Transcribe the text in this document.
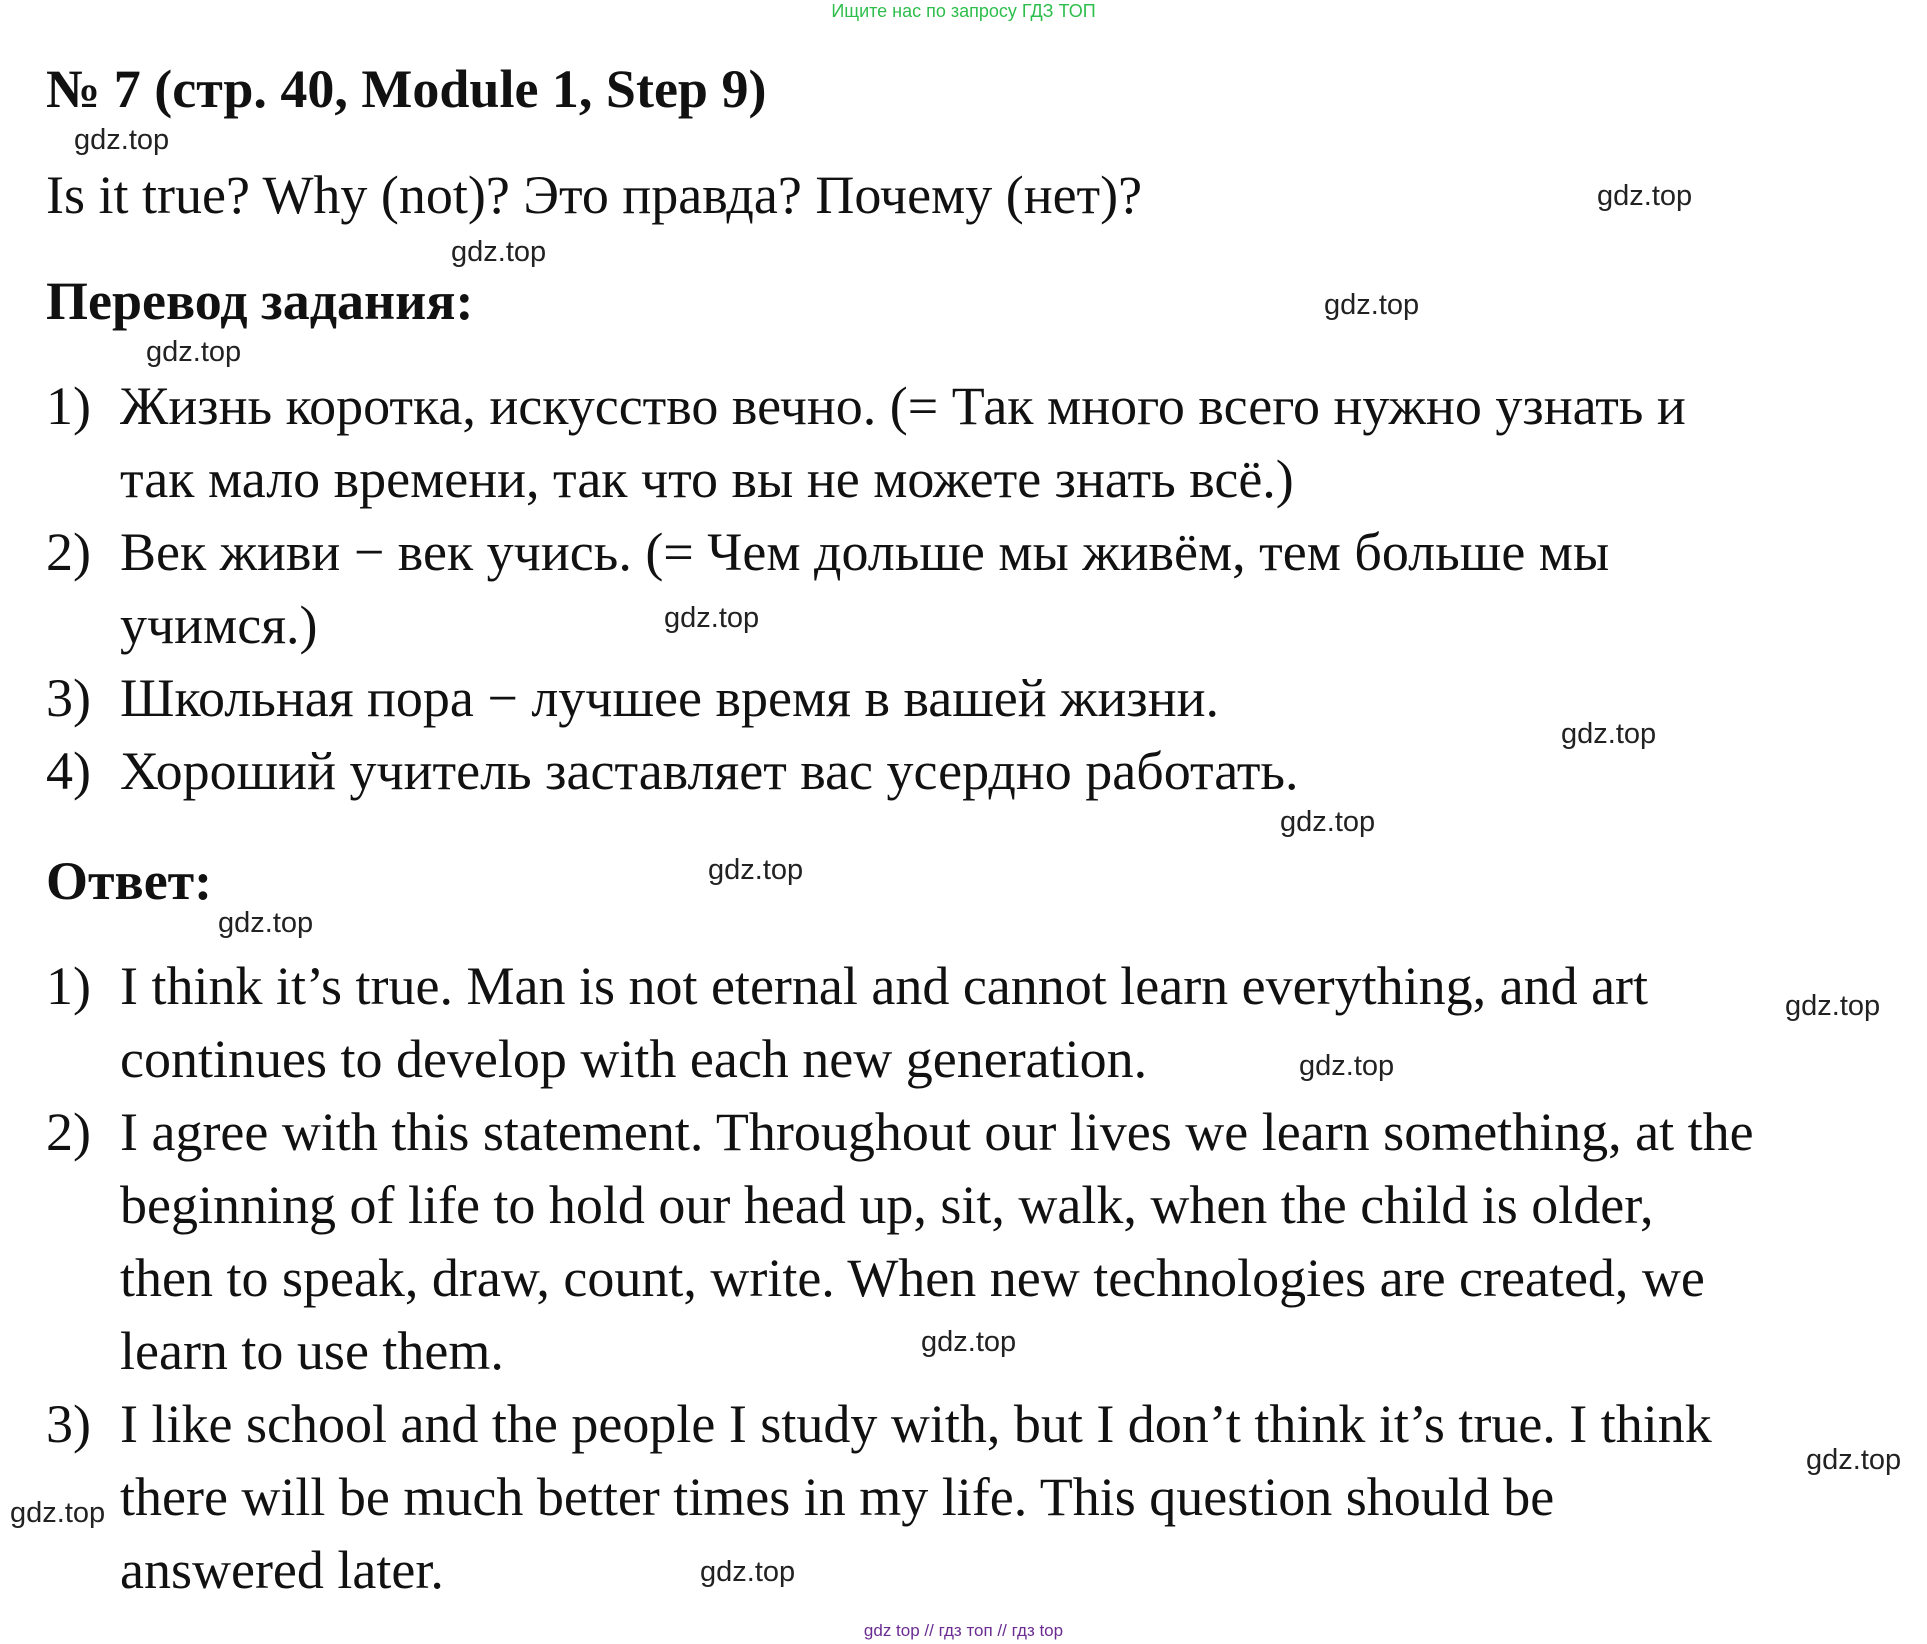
Ищите нас по запросу ГДЗ ТОП
№ 7 (стр. 40, Module 1, Step 9)
Is it true? Why (not)? Это правда? Почему (нет)?
Перевод задания:
1) Жизнь коротка, искусство вечно. (= Так много всего нужно узнать и
так мало времени, так что вы не можете знать всё.)
2) Век живи − век учись. (= Чем дольше мы живём, тем больше мы
учимся.)
3) Школьная пора − лучшее время в вашей жизни.
4) Хороший учитель заставляет вас усердно работать.
Ответ:
1) I think it’s true. Man is not eternal and cannot learn everything, and art
continues to develop with each new generation.
2) I agree with this statement. Throughout our lives we learn something, at the
beginning of life to hold our head up, sit, walk, when the child is older,
then to speak, draw, count, write. When new technologies are created, we
learn to use them.
3) I like school and the people I study with, but I don’t think it’s true. I think
there will be much better times in my life. This question should be
answered later.
gdz.top
gdz.top
gdz.top
gdz.top
gdz.top
gdz.top
gdz.top
gdz.top
gdz.top
gdz.top
gdz.top
gdz.top
gdz.top
gdz.top
gdz.top
gdz.top
gdz top // гдз топ // гдз top
